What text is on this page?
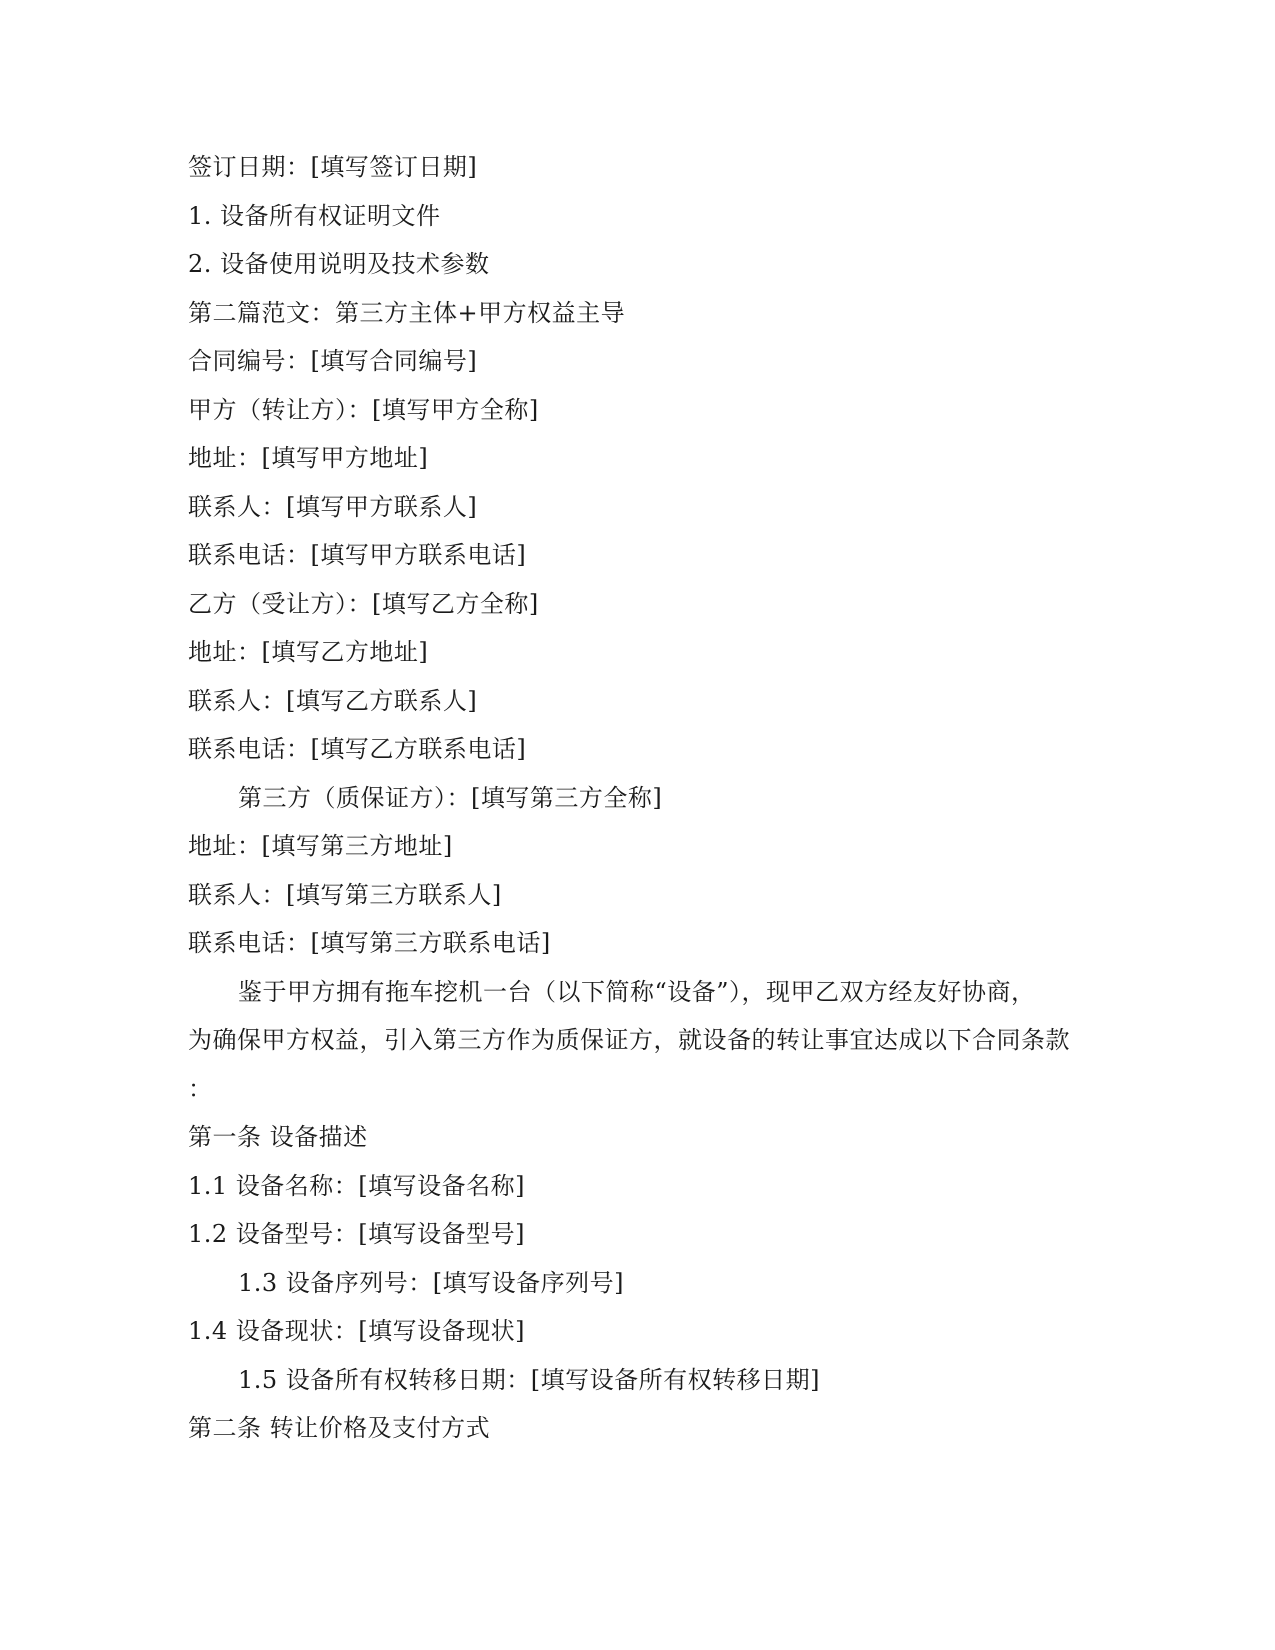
签订日期：[填写签订日期]
1. 设备所有权证明文件
2. 设备使用说明及技术参数
第二篇范文：第三方主体+甲方权益主导
合同编号：[填写合同编号]
甲方（转让方）：[填写甲方全称]
地址：[填写甲方地址]
联系人：[填写甲方联系人]
联系电话：[填写甲方联系电话]
乙方（受让方）：[填写乙方全称]
地址：[填写乙方地址]
联系人：[填写乙方联系人]
联系电话：[填写乙方联系电话]
第三方（质保证方）：[填写第三方全称]
地址：[填写第三方地址]
联系人：[填写第三方联系人]
联系电话：[填写第三方联系电话]
鉴于甲方拥有拖车挖机一台（以下简称“设备”），现甲乙双方经友好协商，
为确保甲方权益，引入第三方作为质保证方，就设备的转让事宜达成以下合同条款
：
第一条 设备描述
1.1 设备名称：[填写设备名称]
1.2 设备型号：[填写设备型号]
1.3 设备序列号：[填写设备序列号]
1.4 设备现状：[填写设备现状]
1.5 设备所有权转移日期：[填写设备所有权转移日期]
第二条 转让价格及支付方式
